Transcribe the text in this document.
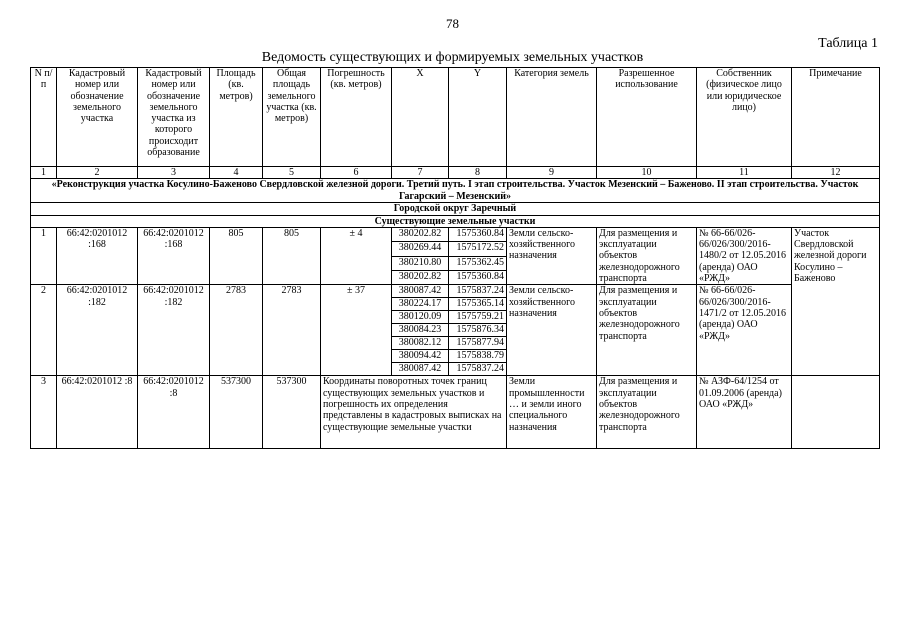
78
Таблица 1
Ведомость существующих и формируемых земельных участков
N п/п	Кадастровый номер или обозначение земельного участка	Кадастровый номер или обозначение земельного участка из которого происходит образование	Площадь (кв. метров)	Общая площадь земельного участка (кв. метров)	Погрешность (кв. метров)	X	Y	Категория земель	Разрешенное использование	Собственник (физическое лицо или юридическое лицо)	Примечание
1	2	3	4	5	6	7	8	9	10	11	12
«Реконструкция участка Косулино-Баженово Свердловской железной дороги. Третий путь. I этап строительства. Участок Мезенский – Баженово. II этап строительства. Участок Гагарский – Мезенский»											
Городской округ Заречный											
Существующие земельные участки											
1	66:42:0201012 :168	66:42:0201012 :168	805	805	± 4	380202.82	1575360.84	Земли сельско-хозяйственного назначения	Для размещения и эксплуатации объектов железнодорожного транспорта	№ 66-66/026-66/026/300/2016-1480/2 от 12.05.2016 (аренда) ОАО «РЖД»	Участок Свердловской железной дороги Косулино – Баженово
						380269.44	1575172.52				
						380210.80	1575362.45				
						380202.82	1575360.84				
2	66:42:0201012 :182	66:42:0201012 :182	2783	2783	± 37	380087.42	1575837.24	Земли сельско-хозяйственного назначения	Для размещения и эксплуатации объектов железнодорожного транспорта	№ 66-66/026-66/026/300/2016-1471/2 от 12.05.2016 (аренда) ОАО «РЖД»	
						380224.17	1575365.14				
						380120.09	1575759.21				
						380084.23	1575876.34				
						380082.12	1575877.94				
						380094.42	1575838.79				
						380087.42	1575837.24				
3	66:42:0201012 :8	66:42:0201012 :8	537300	537300	Координаты поворотных точек границ существующих земельных участков и погрешность их определения представлены в кадастровых выписках на существующие земельные участки			Земли промышленности … и земли иного специального назначения	Для размещения и эксплуатации объектов железнодорожного транспорта	№ АЗФ-64/1254 от 01.09.2006 (аренда) ОАО «РЖД»	
